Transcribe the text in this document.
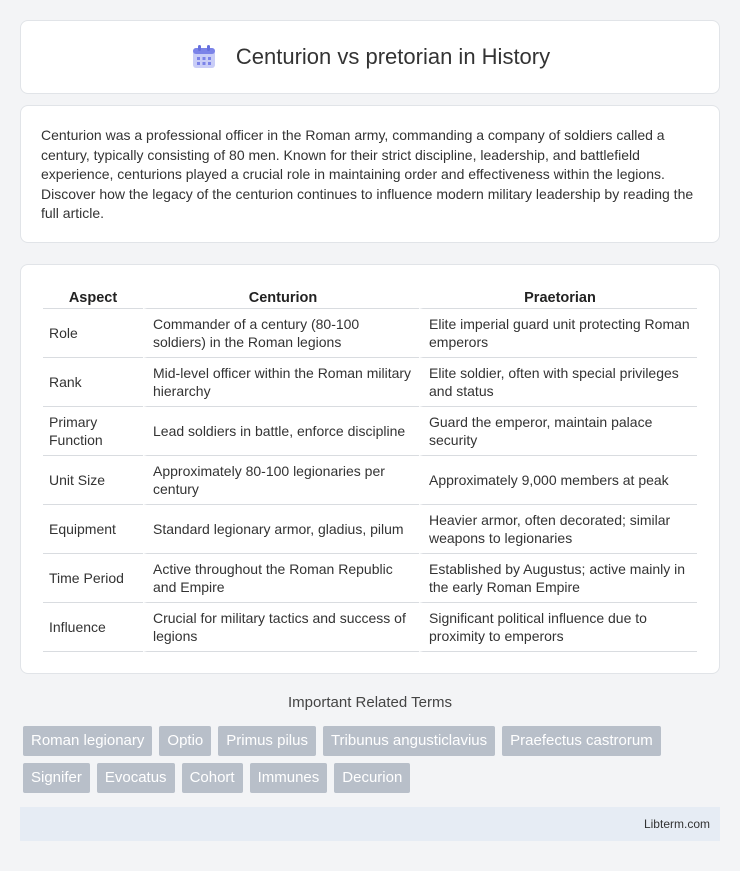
Centurion vs pretorian in History

Centurion was a professional officer in the Roman army, commanding a company of soldiers called a century, typically consisting of 80 men. Known for their strict discipline, leadership, and battlefield experience, centurions played a crucial role in maintaining order and effectiveness within the legions. Discover how the legacy of the centurion continues to influence modern military leadership by reading the full article.

Aspect	Centurion	Praetorian
Role	Commander of a century (80-100 soldiers) in the Roman legions	Elite imperial guard unit protecting Roman emperors
Rank	Mid-level officer within the Roman military hierarchy	Elite soldier, often with special privileges and status
Primary Function	Lead soldiers in battle, enforce discipline	Guard the emperor, maintain palace security
Unit Size	Approximately 80-100 legionaries per century	Approximately 9,000 members at peak
Equipment	Standard legionary armor, gladius, pilum	Heavier armor, often decorated; similar weapons to legionaries
Time Period	Active throughout the Roman Republic and Empire	Established by Augustus; active mainly in the early Roman Empire
Influence	Crucial for military tactics and success of legions	Significant political influence due to proximity to emperors
Important Related Terms
Roman legionary	Optio	Primus pilus	Tribunus angusticlavius	Praefectus castrorum
Signifer	Evocatus	Cohort	Immunes	Decurion
Libterm.com
